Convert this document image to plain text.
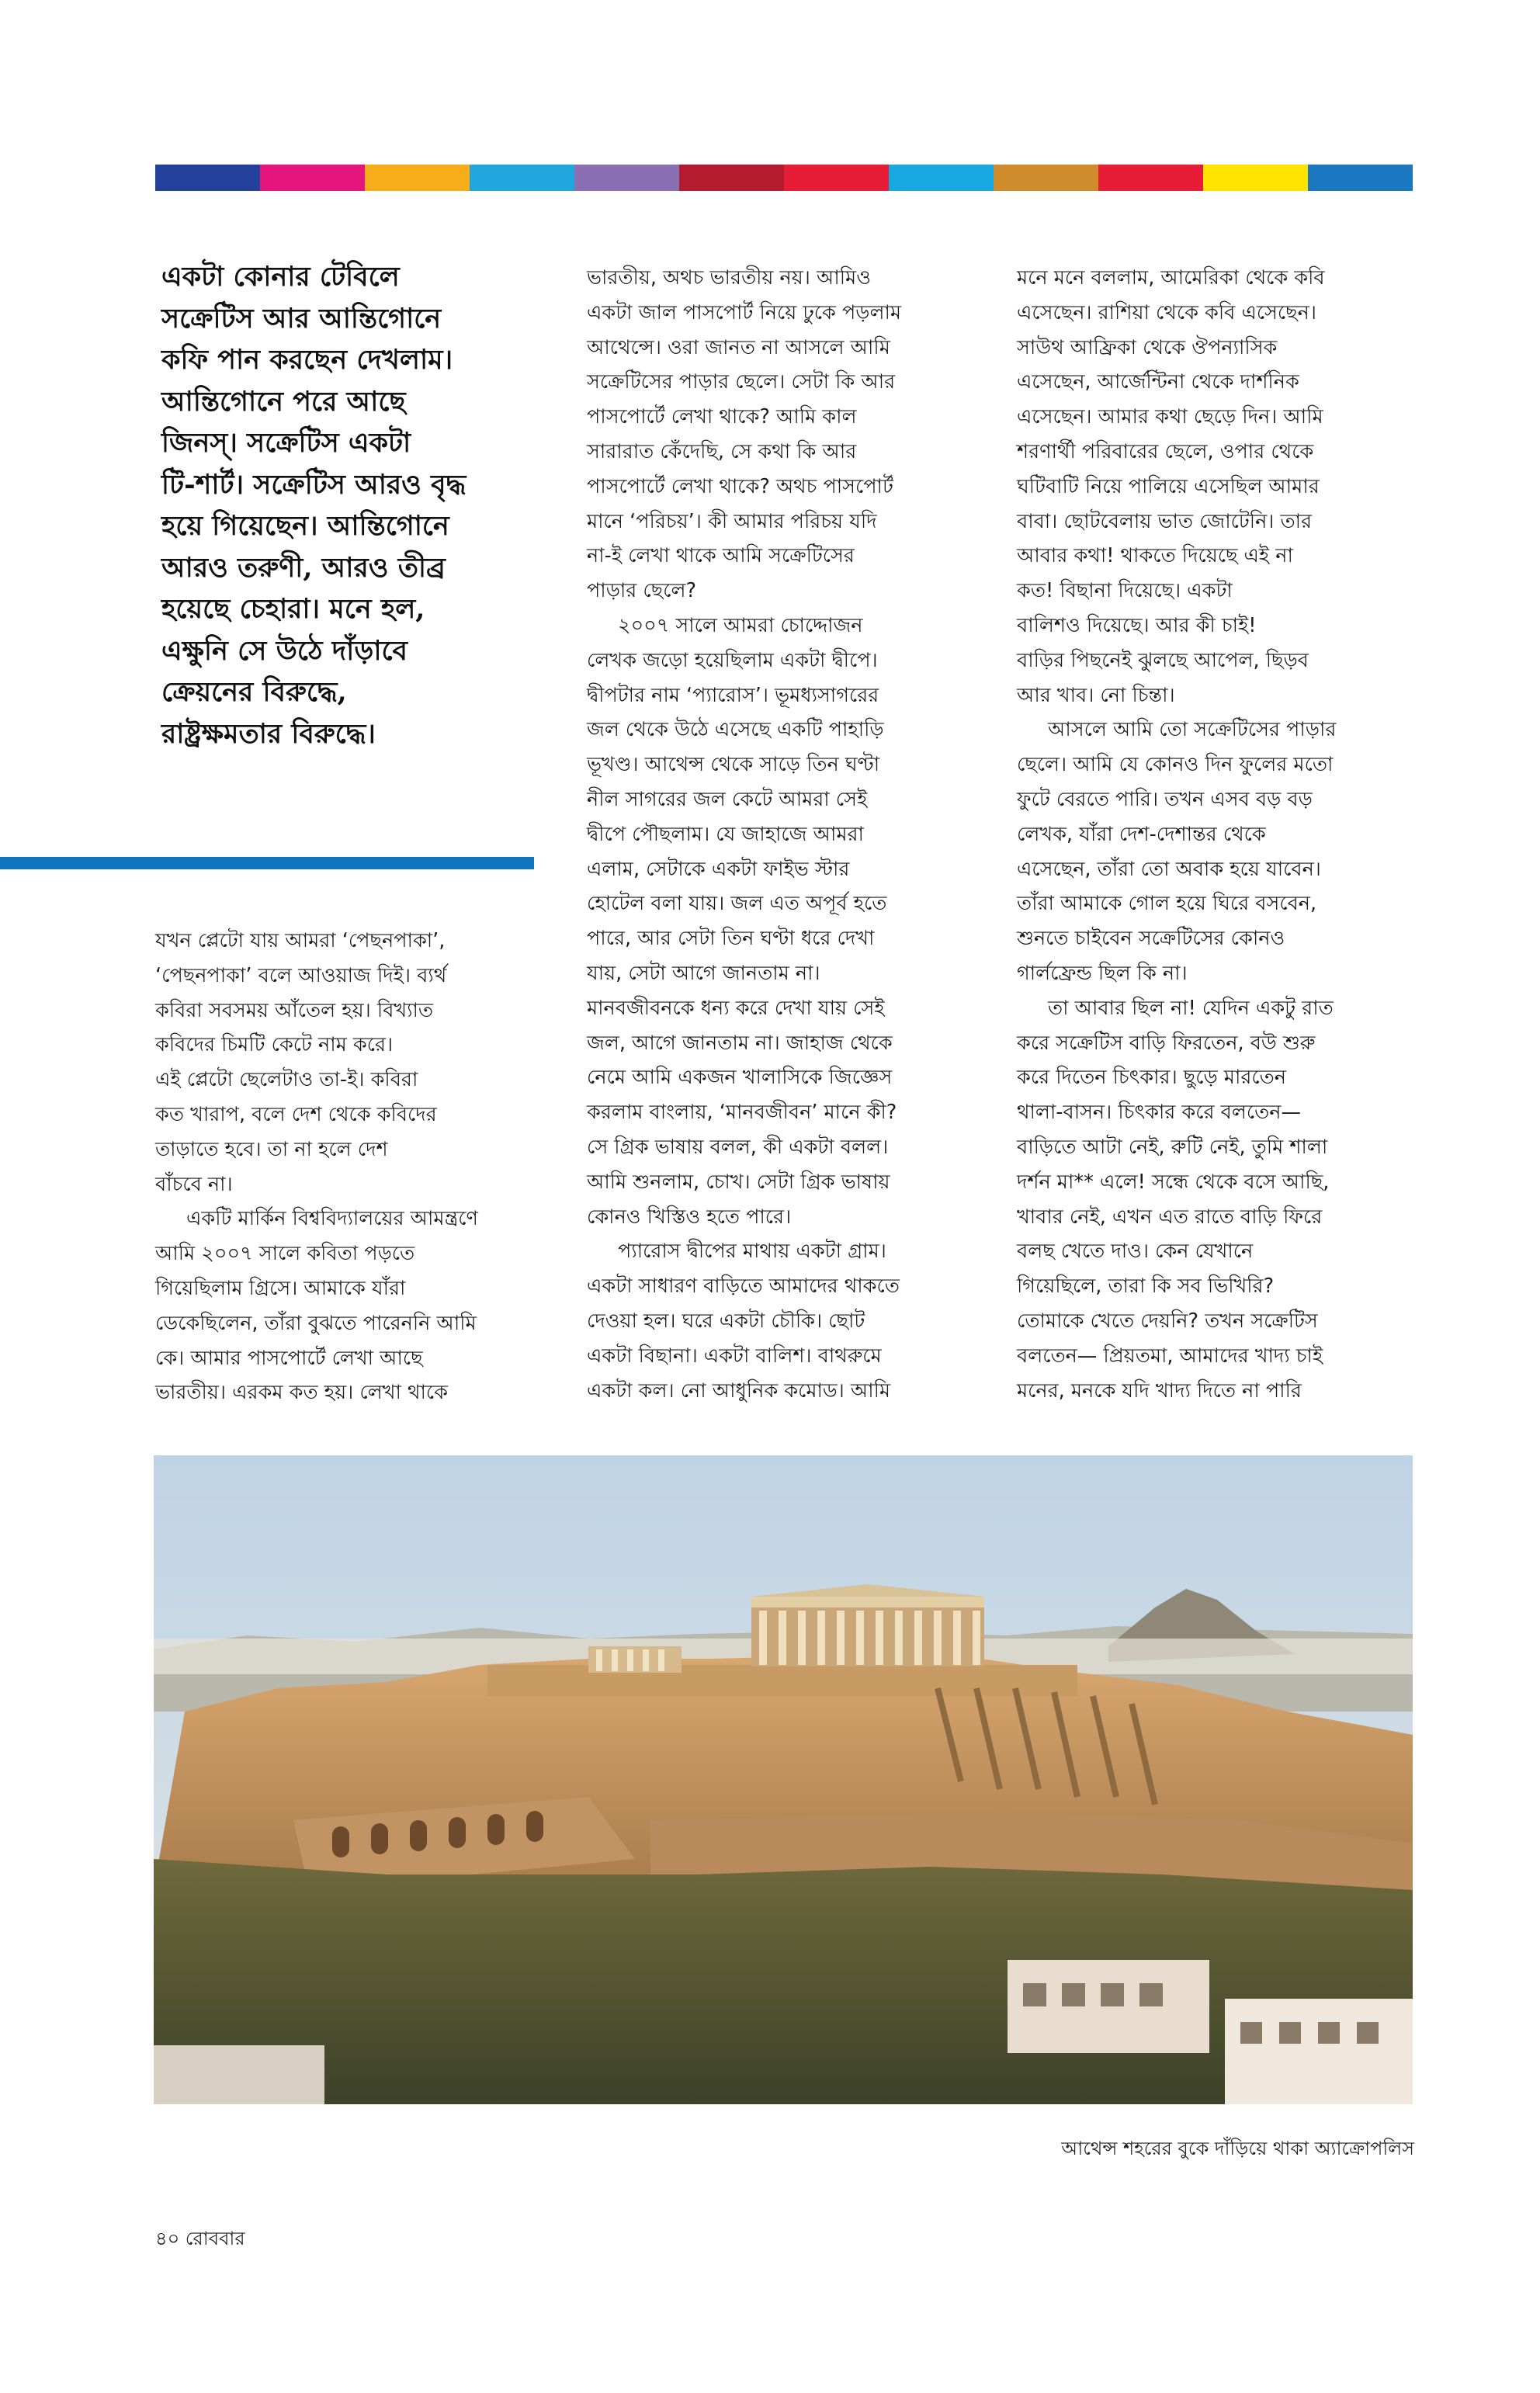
একটা কোনার টেবিলে

সক্রেটিস আর আন্তিগোনে

কফি পান করছেন দেখলাম।

আন্তিগোনে পরে আছে

জিনস্। সক্রেটিস একটা

টি-শার্ট। সক্রেটিস আরও বৃদ্ধ

হয়ে গিয়েছেন। আন্তিগোনে

আরও তরুণী, আরও তীব্র

হয়েছে চেহারা। মনে হল,

এক্ষুনি সে উঠে দাঁড়াবে

ক্রেয়নের বিরুদ্ধে,

রাষ্ট্রক্ষমতার বিরুদ্ধে।

যখন প্লেটো যায় আমরা ‘পেছনপাকা’,

‘পেছনপাকা’ বলে আওয়াজ দিই। ব্যর্থ

কবিরা সবসময় আঁতেল হয়। বিখ্যাত

কবিদের চিমটি কেটে নাম করে।

এই প্লেটো ছেলেটাও তা-ই। কবিরা

কত খারাপ, বলে দেশ থেকে কবিদের

তাড়াতে হবে। তা না হলে দেশ

বাঁচবে না।

একটি মার্কিন বিশ্ববিদ্যালয়ের আমন্ত্রণে

আমি ২০০৭ সালে কবিতা পড়তে

গিয়েছিলাম গ্রিসে। আমাকে যাঁরা

ডেকেছিলেন, তাঁরা বুঝতে পারেননি আমি

কে। আমার পাসপোর্টে লেখা আছে

ভারতীয়। এরকম কত হয়। লেখা থাকে

ভারতীয়, অথচ ভারতীয় নয়। আমিও

একটা জাল পাসপোর্ট নিয়ে ঢুকে পড়লাম

আথেন্সে। ওরা জানত না আসলে আমি

সক্রেটিসের পাড়ার ছেলে। সেটা কি আর

পাসপোর্টে লেখা থাকে? আমি কাল

সারারাত কেঁদেছি, সে কথা কি আর

পাসপোর্টে লেখা থাকে? অথচ পাসপোর্ট

মানে ‘পরিচয়’। কী আমার পরিচয় যদি

না-ই লেখা থাকে আমি সক্রেটিসের

পাড়ার ছেলে?

২০০৭ সালে আমরা চোদ্দোজন

লেখক জড়ো হয়েছিলাম একটা দ্বীপে।

দ্বীপটার নাম ‘প্যারোস’। ভূমধ্যসাগরের

জল থেকে উঠে এসেছে একটি পাহাড়ি

ভূখণ্ড। আথেন্স থেকে সাড়ে তিন ঘণ্টা

নীল সাগরের জল কেটে আমরা সেই

দ্বীপে পৌছলাম। যে জাহাজে আমরা

এলাম, সেটাকে একটা ফাইভ স্টার

হোটেল বলা যায়। জল এত অপূর্ব হতে

পারে, আর সেটা তিন ঘণ্টা ধরে দেখা

যায়, সেটা আগে জানতাম না।

মানবজীবনকে ধন্য করে দেখা যায় সেই

জল, আগে জানতাম না। জাহাজ থেকে

নেমে আমি একজন খালাসিকে জিজ্ঞেস

করলাম বাংলায়, ‘মানবজীবন’ মানে কী?

সে গ্রিক ভাষায় বলল, কী একটা বলল।

আমি শুনলাম, চোখ। সেটা গ্রিক ভাষায়

কোনও খিস্তিও হতে পারে।

প্যারোস দ্বীপের মাথায় একটা গ্রাম।

একটা সাধারণ বাড়িতে আমাদের থাকতে

দেওয়া হল। ঘরে একটা চৌকি। ছোট

একটা বিছানা। একটা বালিশ। বাথরুমে

একটা কল। নো আধুনিক কমোড। আমি

মনে মনে বললাম, আমেরিকা থেকে কবি

এসেছেন। রাশিয়া থেকে কবি এসেছেন।

সাউথ আফ্রিকা থেকে ঔপন্যাসিক

এসেছেন, আর্জেন্টিনা থেকে দার্শনিক

এসেছেন। আমার কথা ছেড়ে দিন। আমি

শরণার্থী পরিবারের ছেলে, ওপার থেকে

ঘটিবাটি নিয়ে পালিয়ে এসেছিল আমার

বাবা। ছোটবেলায় ভাত জোটেনি। তার

আবার কথা! থাকতে দিয়েছে এই না

কত! বিছানা দিয়েছে। একটা

বালিশও দিয়েছে। আর কী চাই!

বাড়ির পিছনেই ঝুলছে আপেল, ছিড়ব

আর খাব। নো চিন্তা।

আসলে আমি তো সক্রেটিসের পাড়ার

ছেলে। আমি যে কোনও দিন ফুলের মতো

ফুটে বেরতে পারি। তখন এসব বড় বড়

লেখক, যাঁরা দেশ-দেশান্তর থেকে

এসেছেন, তাঁরা তো অবাক হয়ে যাবেন।

তাঁরা আমাকে গোল হয়ে ঘিরে বসবেন,

শুনতে চাইবেন সক্রেটিসের কোনও

গার্লফ্রেন্ড ছিল কি না।

তা আবার ছিল না! যেদিন একটু রাত

করে সক্রেটিস বাড়ি ফিরতেন, বউ শুরু

করে দিতেন চিৎকার। ছুড়ে মারতেন

থালা-বাসন। চিৎকার করে বলতেন—

বাড়িতে আটা নেই, রুটি নেই, তুমি শালা

দর্শন মা** এলে! সন্ধে থেকে বসে আছি,

খাবার নেই, এখন এত রাতে বাড়ি ফিরে

বলছ খেতে দাও। কেন যেখানে

গিয়েছিলে, তারা কি সব ভিখিরি?

তোমাকে খেতে দেয়নি? তখন সক্রেটিস

বলতেন— প্রিয়তমা, আমাদের খাদ্য চাই

মনের, মনকে যদি খাদ্য দিতে না পারি

আথেন্স শহরের বুকে দাঁড়িয়ে থাকা অ্যাক্রোপলিস
৪০ রোববার
